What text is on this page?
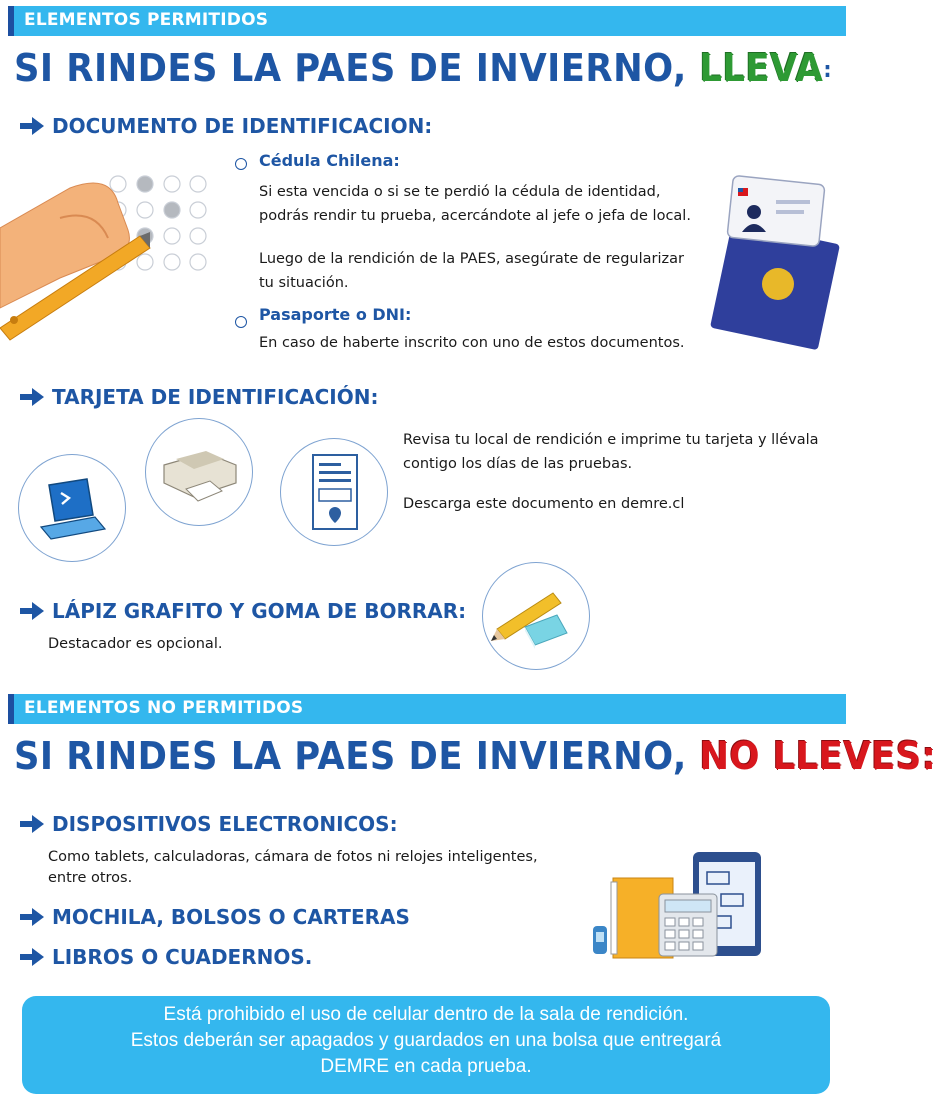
ELEMENTOS PERMITIDOS
SI RINDES LA PAES DE INVIERNO, LLEVA:
DOCUMENTO DE IDENTIFICACION:
Cédula Chilena:
Si esta vencida o si se te perdió la cédula de identidad,
podrás rendir tu prueba, acercándote al jefe o jefa de local.
Luego de la rendición de la PAES, asegúrate de regularizar
tu situación.
Pasaporte o DNI:
En caso de haberte inscrito con uno de estos documentos.
TARJETA DE IDENTIFICACIÓN:
Revisa tu local de rendición e imprime tu tarjeta y llévala
contigo los días de las pruebas.
Descarga este documento en demre.cl
LÁPIZ GRAFITO Y GOMA DE BORRAR:
Destacador es opcional.
ELEMENTOS NO PERMITIDOS
SI RINDES LA PAES DE INVIERNO, NO LLEVES:
DISPOSITIVOS ELECTRONICOS:
Como tablets, calculadoras, cámara de fotos ni relojes inteligentes,
entre otros.
MOCHILA, BOLSOS O CARTERAS
LIBROS O CUADERNOS.
Está prohibido el uso de celular dentro de la sala de rendición.
Estos deberán ser apagados y guardados en una bolsa que entregará
DEMRE en cada prueba.
